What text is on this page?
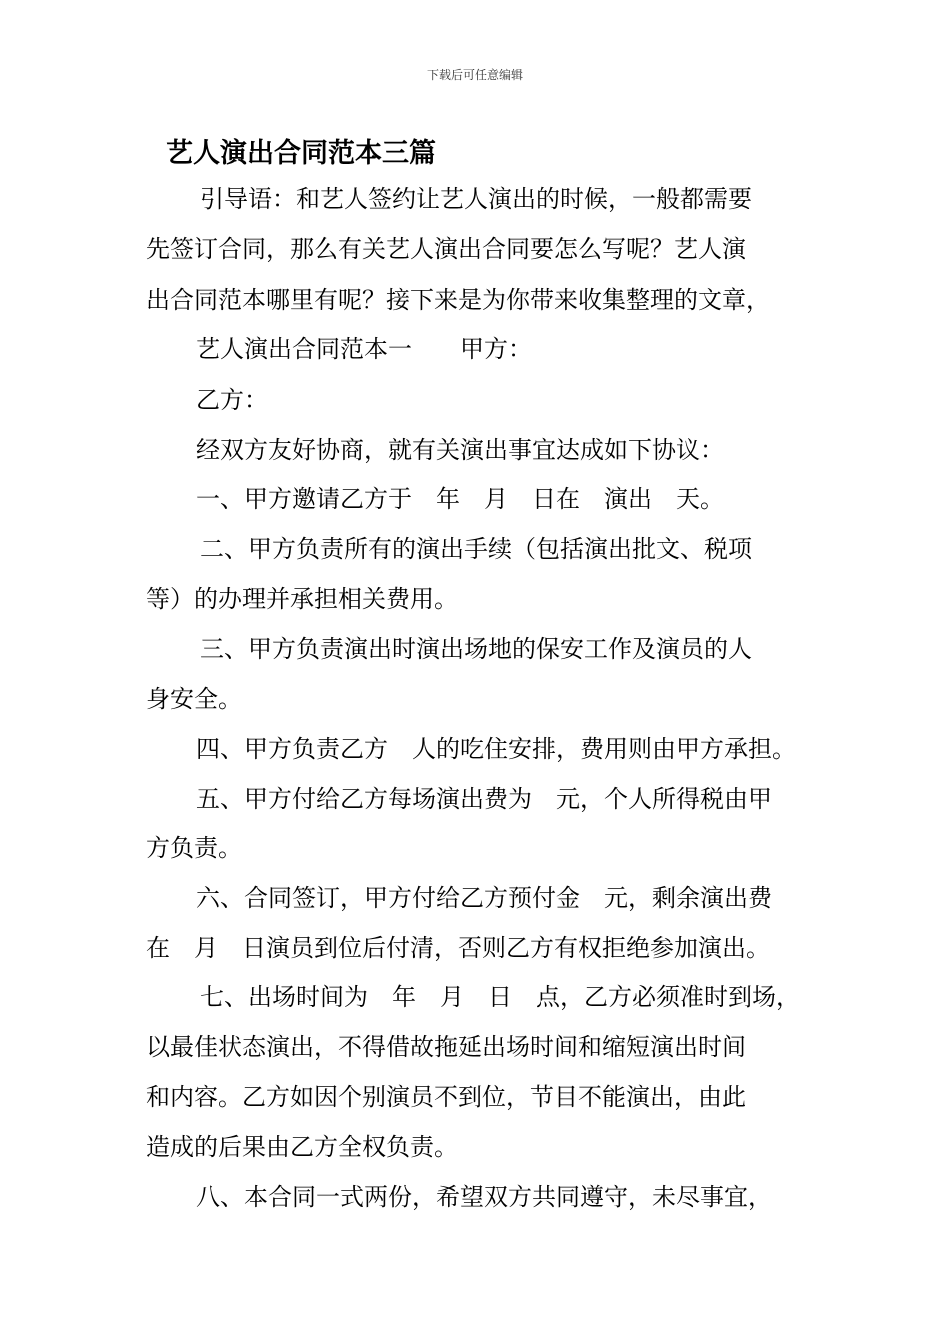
下载后可任意编辑
艺人演出合同范本三篇
引导语：和艺人签约让艺人演出的时候，一般都需要
先签订合同，那么有关艺人演出合同要怎么写呢？艺人演
出合同范本哪里有呢？接下来是为你带来收集整理的文章，
艺人演出合同范本一　　甲方：
乙方：
经双方友好协商，就有关演出事宜达成如下协议：
一、甲方邀请乙方于　年　月　日在　演出　天。
二、甲方负责所有的演出手续（包括演出批文、税项
等）的办理并承担相关费用。
三、甲方负责演出时演出场地的保安工作及演员的人
身安全。
四、甲方负责乙方　人的吃住安排，费用则由甲方承担。
五、甲方付给乙方每场演出费为　元，个人所得税由甲
方负责。
六、合同签订，甲方付给乙方预付金　元，剩余演出费
在　月　日演员到位后付清，否则乙方有权拒绝参加演出。
七、出场时间为　年　月　日　点，乙方必须准时到场，
以最佳状态演出，不得借故拖延出场时间和缩短演出时间
和内容。乙方如因个别演员不到位，节目不能演出，由此
造成的后果由乙方全权负责。
八、本合同一式两份，希望双方共同遵守，未尽事宜，
